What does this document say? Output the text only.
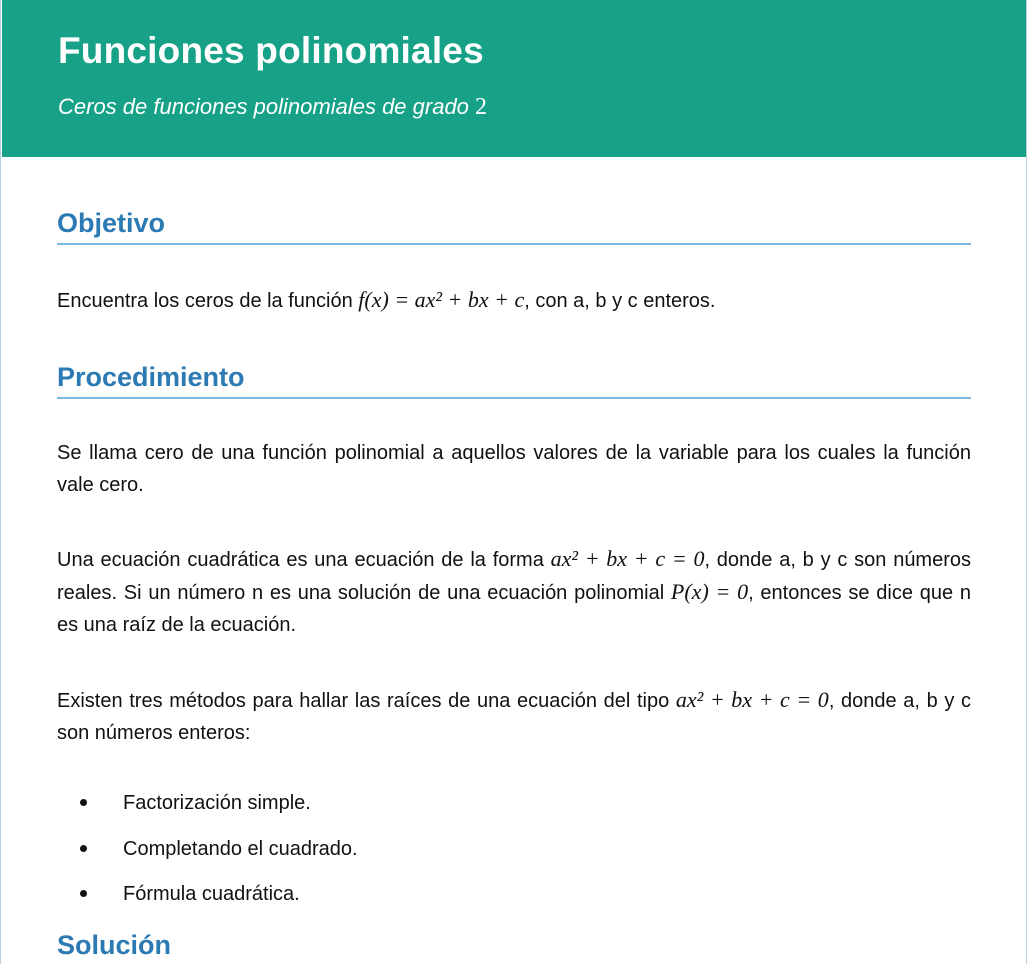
Funciones polinomiales
Ceros de funciones polinomiales de grado 2
Objetivo
Encuentra los ceros de la función f(x) = ax² + bx + c, con a, b y c enteros.
Procedimiento
Se llama cero de una función polinomial a aquellos valores de la variable para los cuales la función vale cero.
Una ecuación cuadrática es una ecuación de la forma ax² + bx + c = 0, donde a, b y c son números reales. Si un número n es una solución de una ecuación polinomial P(x) = 0, entonces se dice que n es una raíz de la ecuación.
Existen tres métodos para hallar las raíces de una ecuación del tipo ax² + bx + c = 0, donde a, b y c son números enteros:
Factorización simple.
Completando el cuadrado.
Fórmula cuadrática.
Solución
